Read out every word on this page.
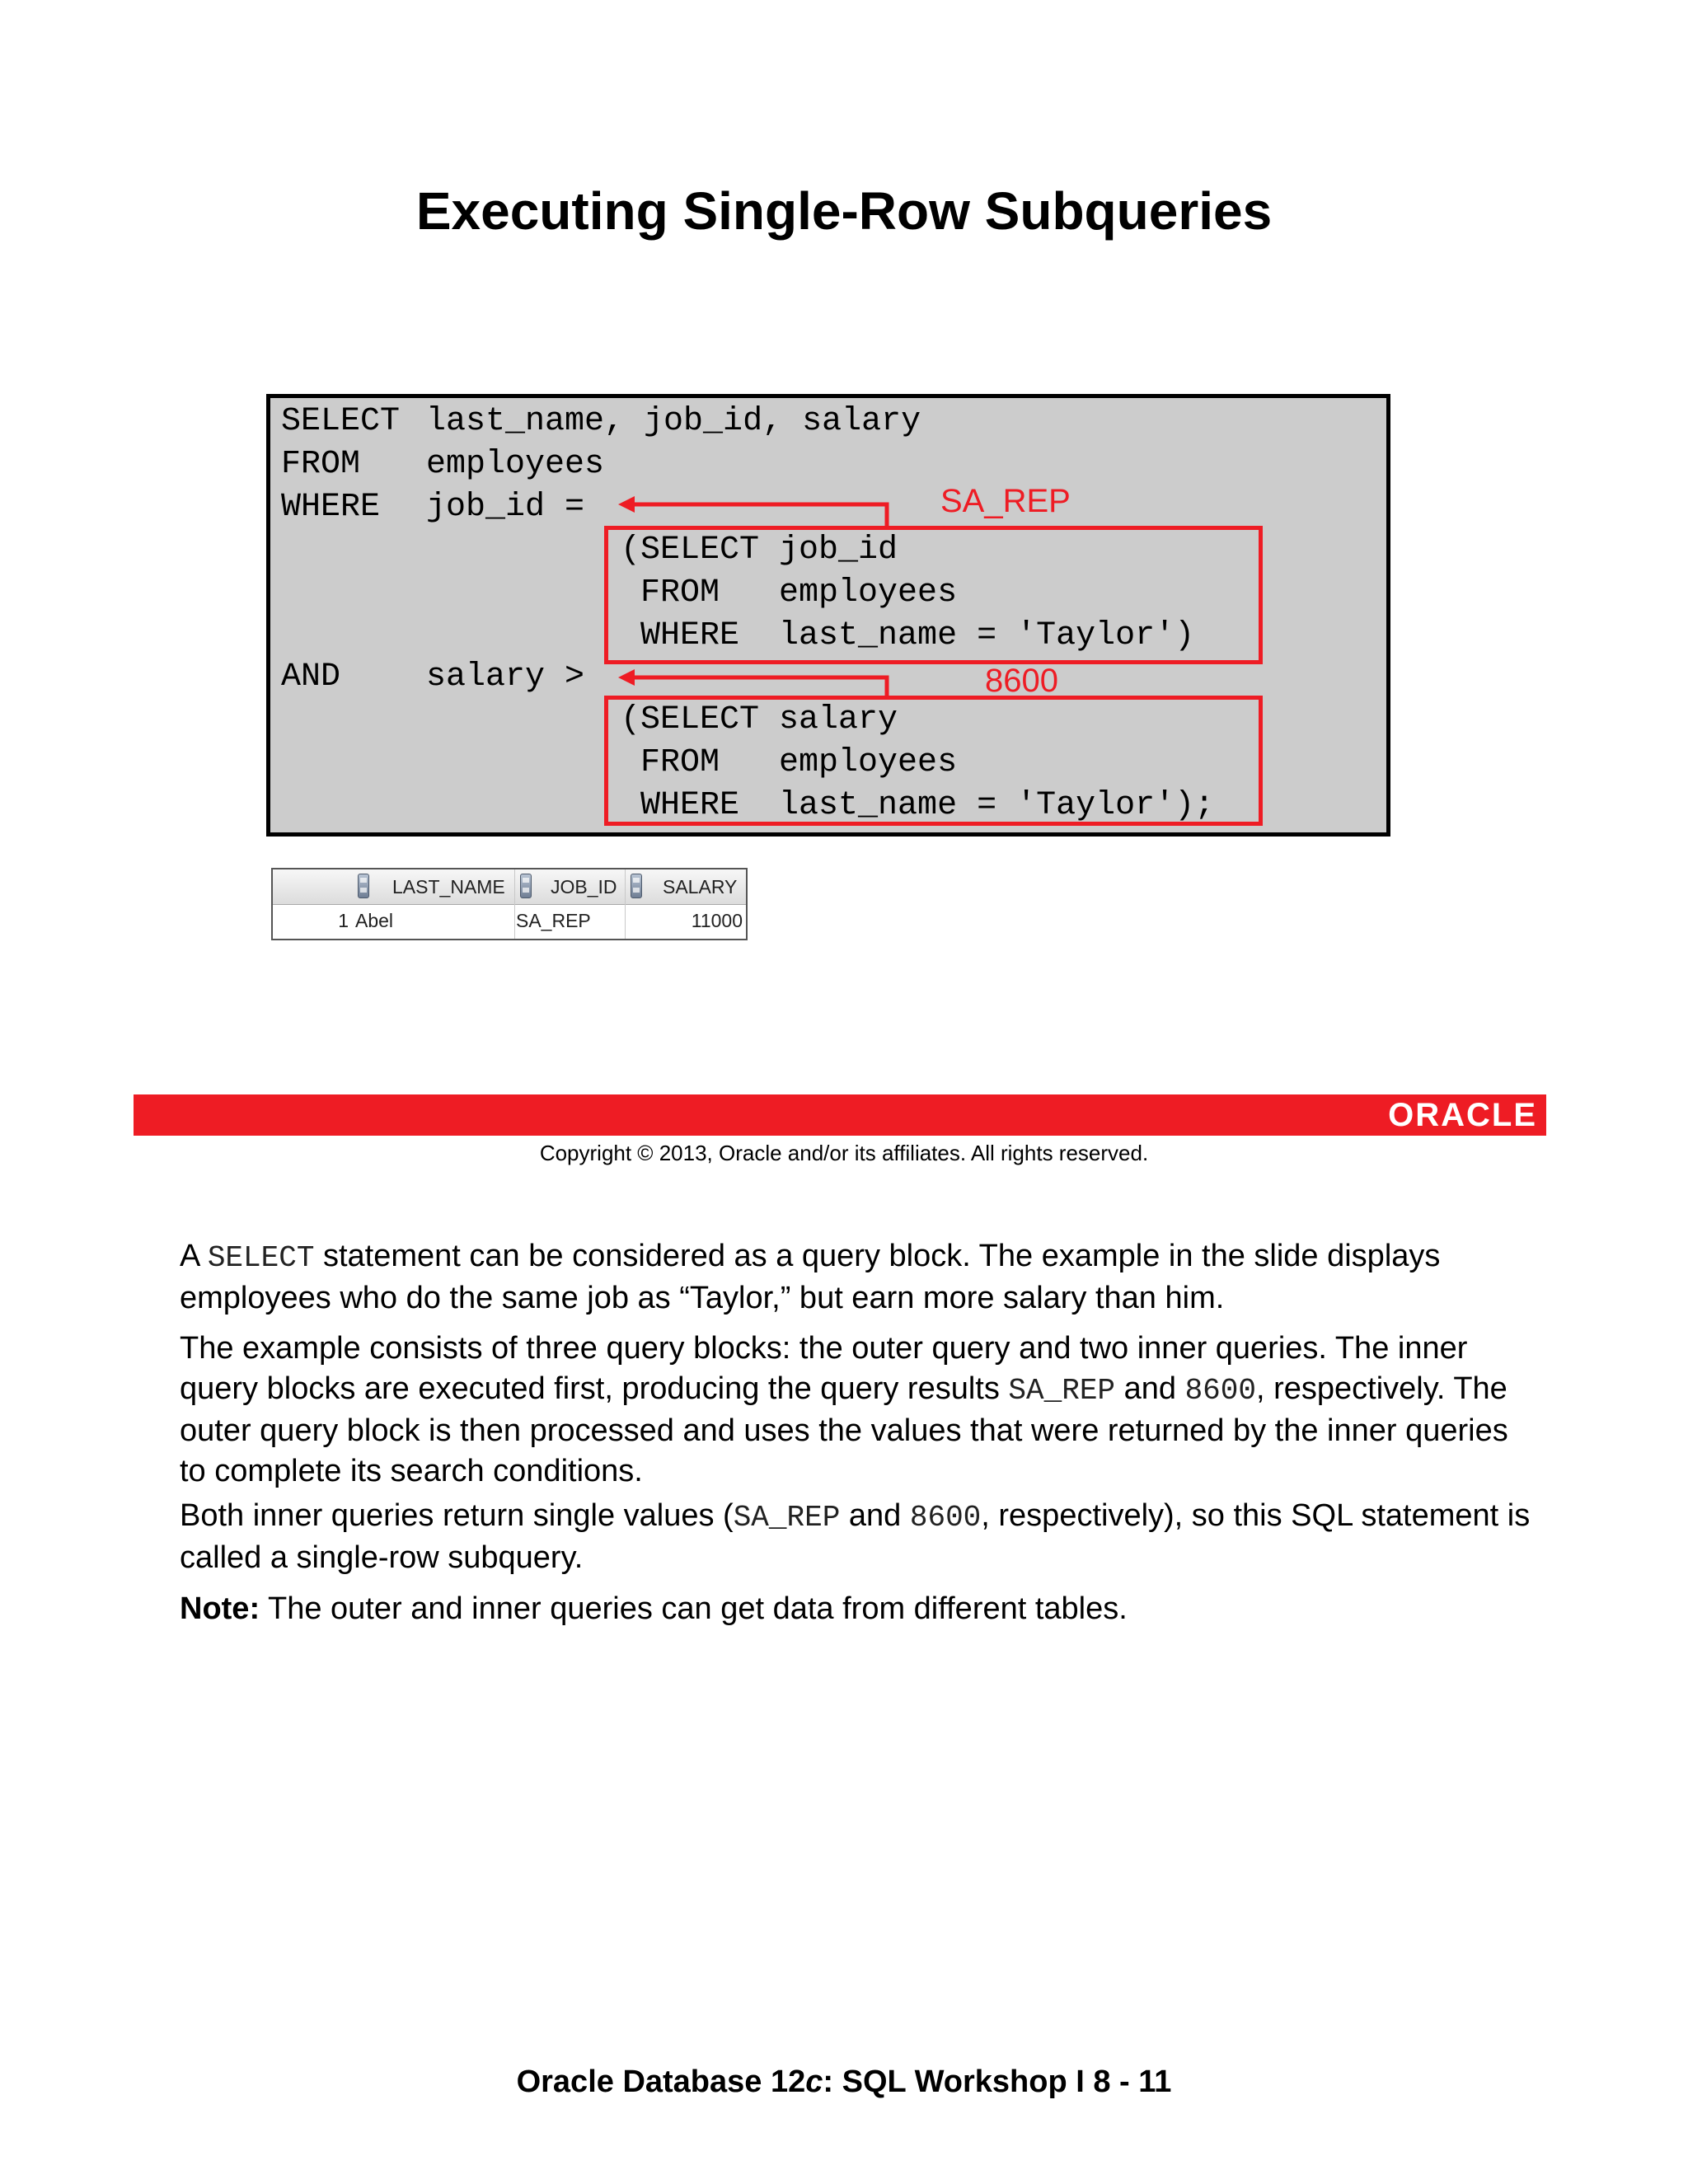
Executing Single-Row Subqueries
SELECT last_name, job_id, salary
FROM employees
WHERE job_id =
AND	salary >
(SELECT job_id
FROM   employees
WHERE  last_name = 'Taylor')
(SELECT salary
FROM   employees
WHERE  last_name = 'Taylor');
SA_REP
8600
LAST_NAME JOB_ID SALARY
1 Abel	SA_REP	11000
ORACLE
Copyright © 2013, Oracle and/or its affiliates. All rights reserved.

A SELECT statement can be considered as a query block. The example in the slide displays employees who do the same job as “Taylor,” but earn more salary than him.

The example consists of three query blocks: the outer query and two inner queries. The inner query blocks are executed first, producing the query results SA_REP and 8600, respectively. The outer query block is then processed and uses the values that were returned by the inner queries to complete its search conditions.

Both inner queries return single values (SA_REP and 8600, respectively), so this SQL statement is called a single-row subquery.

Note: The outer and inner queries can get data from different tables.

Oracle Database 12c: SQL Workshop I 8 - 11
